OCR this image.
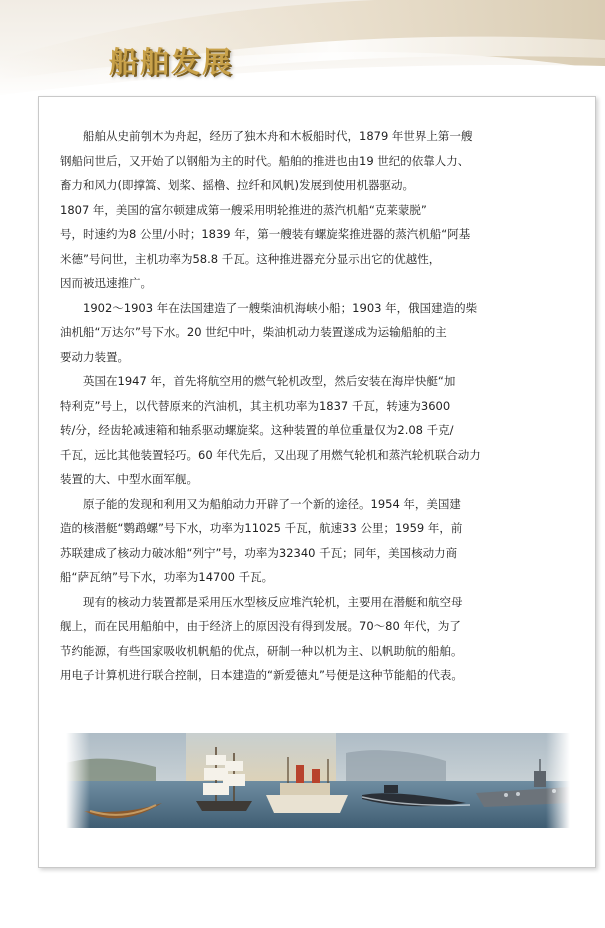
船舶发展

　　船舶从史前刳木为舟起，经历了独木舟和木板船时代，1879 年世界上第一艘
钢船问世后，又开始了以钢船为主的时代。船舶的推进也由19 世纪的依靠人力、
畜力和风力(即撑篙、划桨、摇橹、拉纤和风帆)发展到使用机器驱动。

1807 年，美国的富尔顿建成第一艘采用明轮推进的蒸汽机船“克莱蒙脱”
号，时速约为8 公里/小时；1839 年，第一艘装有螺旋桨推进器的蒸汽机船“阿基
米德”号问世，主机功率为58.8 千瓦。这种推进器充分显示出它的优越性，
因而被迅速推广。

　　1902～1903 年在法国建造了一艘柴油机海峡小船；1903 年，俄国建造的柴
油机船“万达尔”号下水。20 世纪中叶，柴油机动力装置遂成为运输船舶的主
要动力装置。

　　英国在1947 年，首先将航空用的燃气轮机改型，然后安装在海岸快艇“加
特利克”号上，以代替原来的汽油机，其主机功率为1837 千瓦，转速为3600
转/分，经齿轮减速箱和轴系驱动螺旋桨。这种装置的单位重量仅为2.08 千克/
千瓦，远比其他装置轻巧。60 年代先后，又出现了用燃气轮机和蒸汽轮机联合动力
装置的大、中型水面军舰。

　　原子能的发现和利用又为船舶动力开辟了一个新的途径。1954 年，美国建
造的核潜艇“鹦鹉螺”号下水，功率为11025 千瓦，航速33 公里；1959 年，前
苏联建成了核动力破冰船“列宁”号，功率为32340 千瓦；同年，美国核动力商
船“萨瓦纳”号下水，功率为14700 千瓦。

　　现有的核动力装置都是采用压水型核反应堆汽轮机，主要用在潜艇和航空母
舰上，而在民用船舶中，由于经济上的原因没有得到发展。70～80 年代，为了
节约能源，有些国家吸收机帆船的优点，研制一种以机为主、以帆助航的船舶。
用电子计算机进行联合控制，日本建造的“新爱德丸”号便是这种节能船的代表。
